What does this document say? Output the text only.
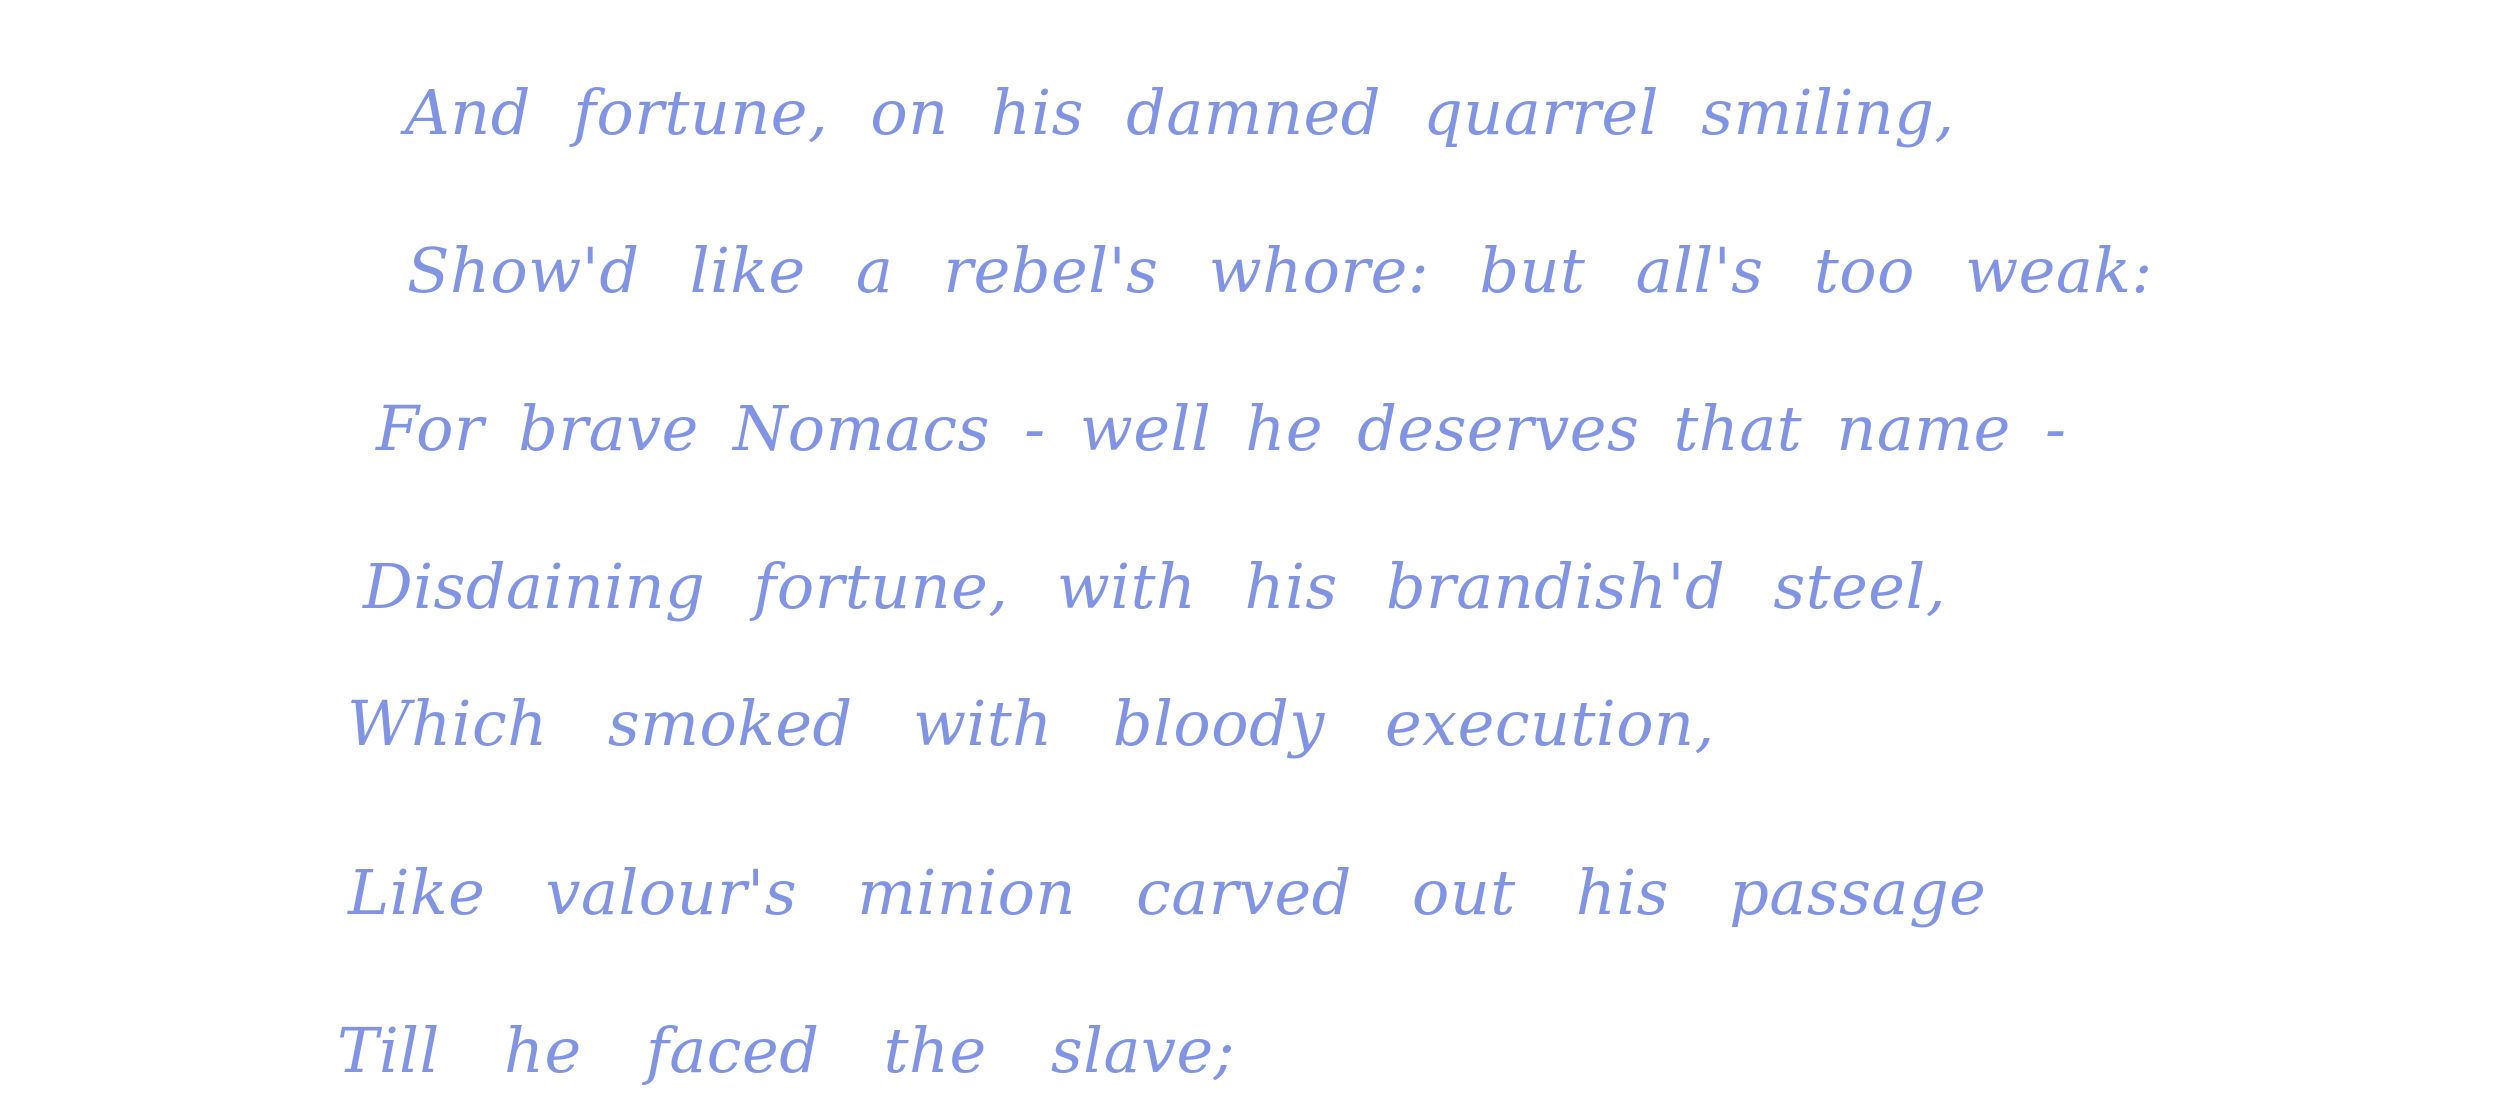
And fortune, on his damned quarrel smiling,
Show'd like a rebel's whore: but all's too weak:
For brave Nomacs - well he deserves that name -
Disdaining fortune, with his brandish'd steel,
Which smoked with bloody execution,
Like valour's minion carved out his passage
Till he faced the slave;
